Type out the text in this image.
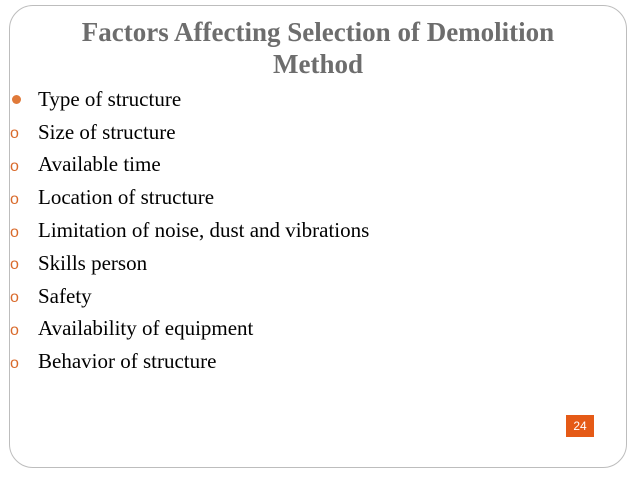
Factors Affecting Selection of Demolition Method
Type of structure
o Size of structure
o Available time
o Location of structure
o Limitation of noise, dust and vibrations
o Skills person
o Safety
o Availability of equipment
o Behavior of structure
24
